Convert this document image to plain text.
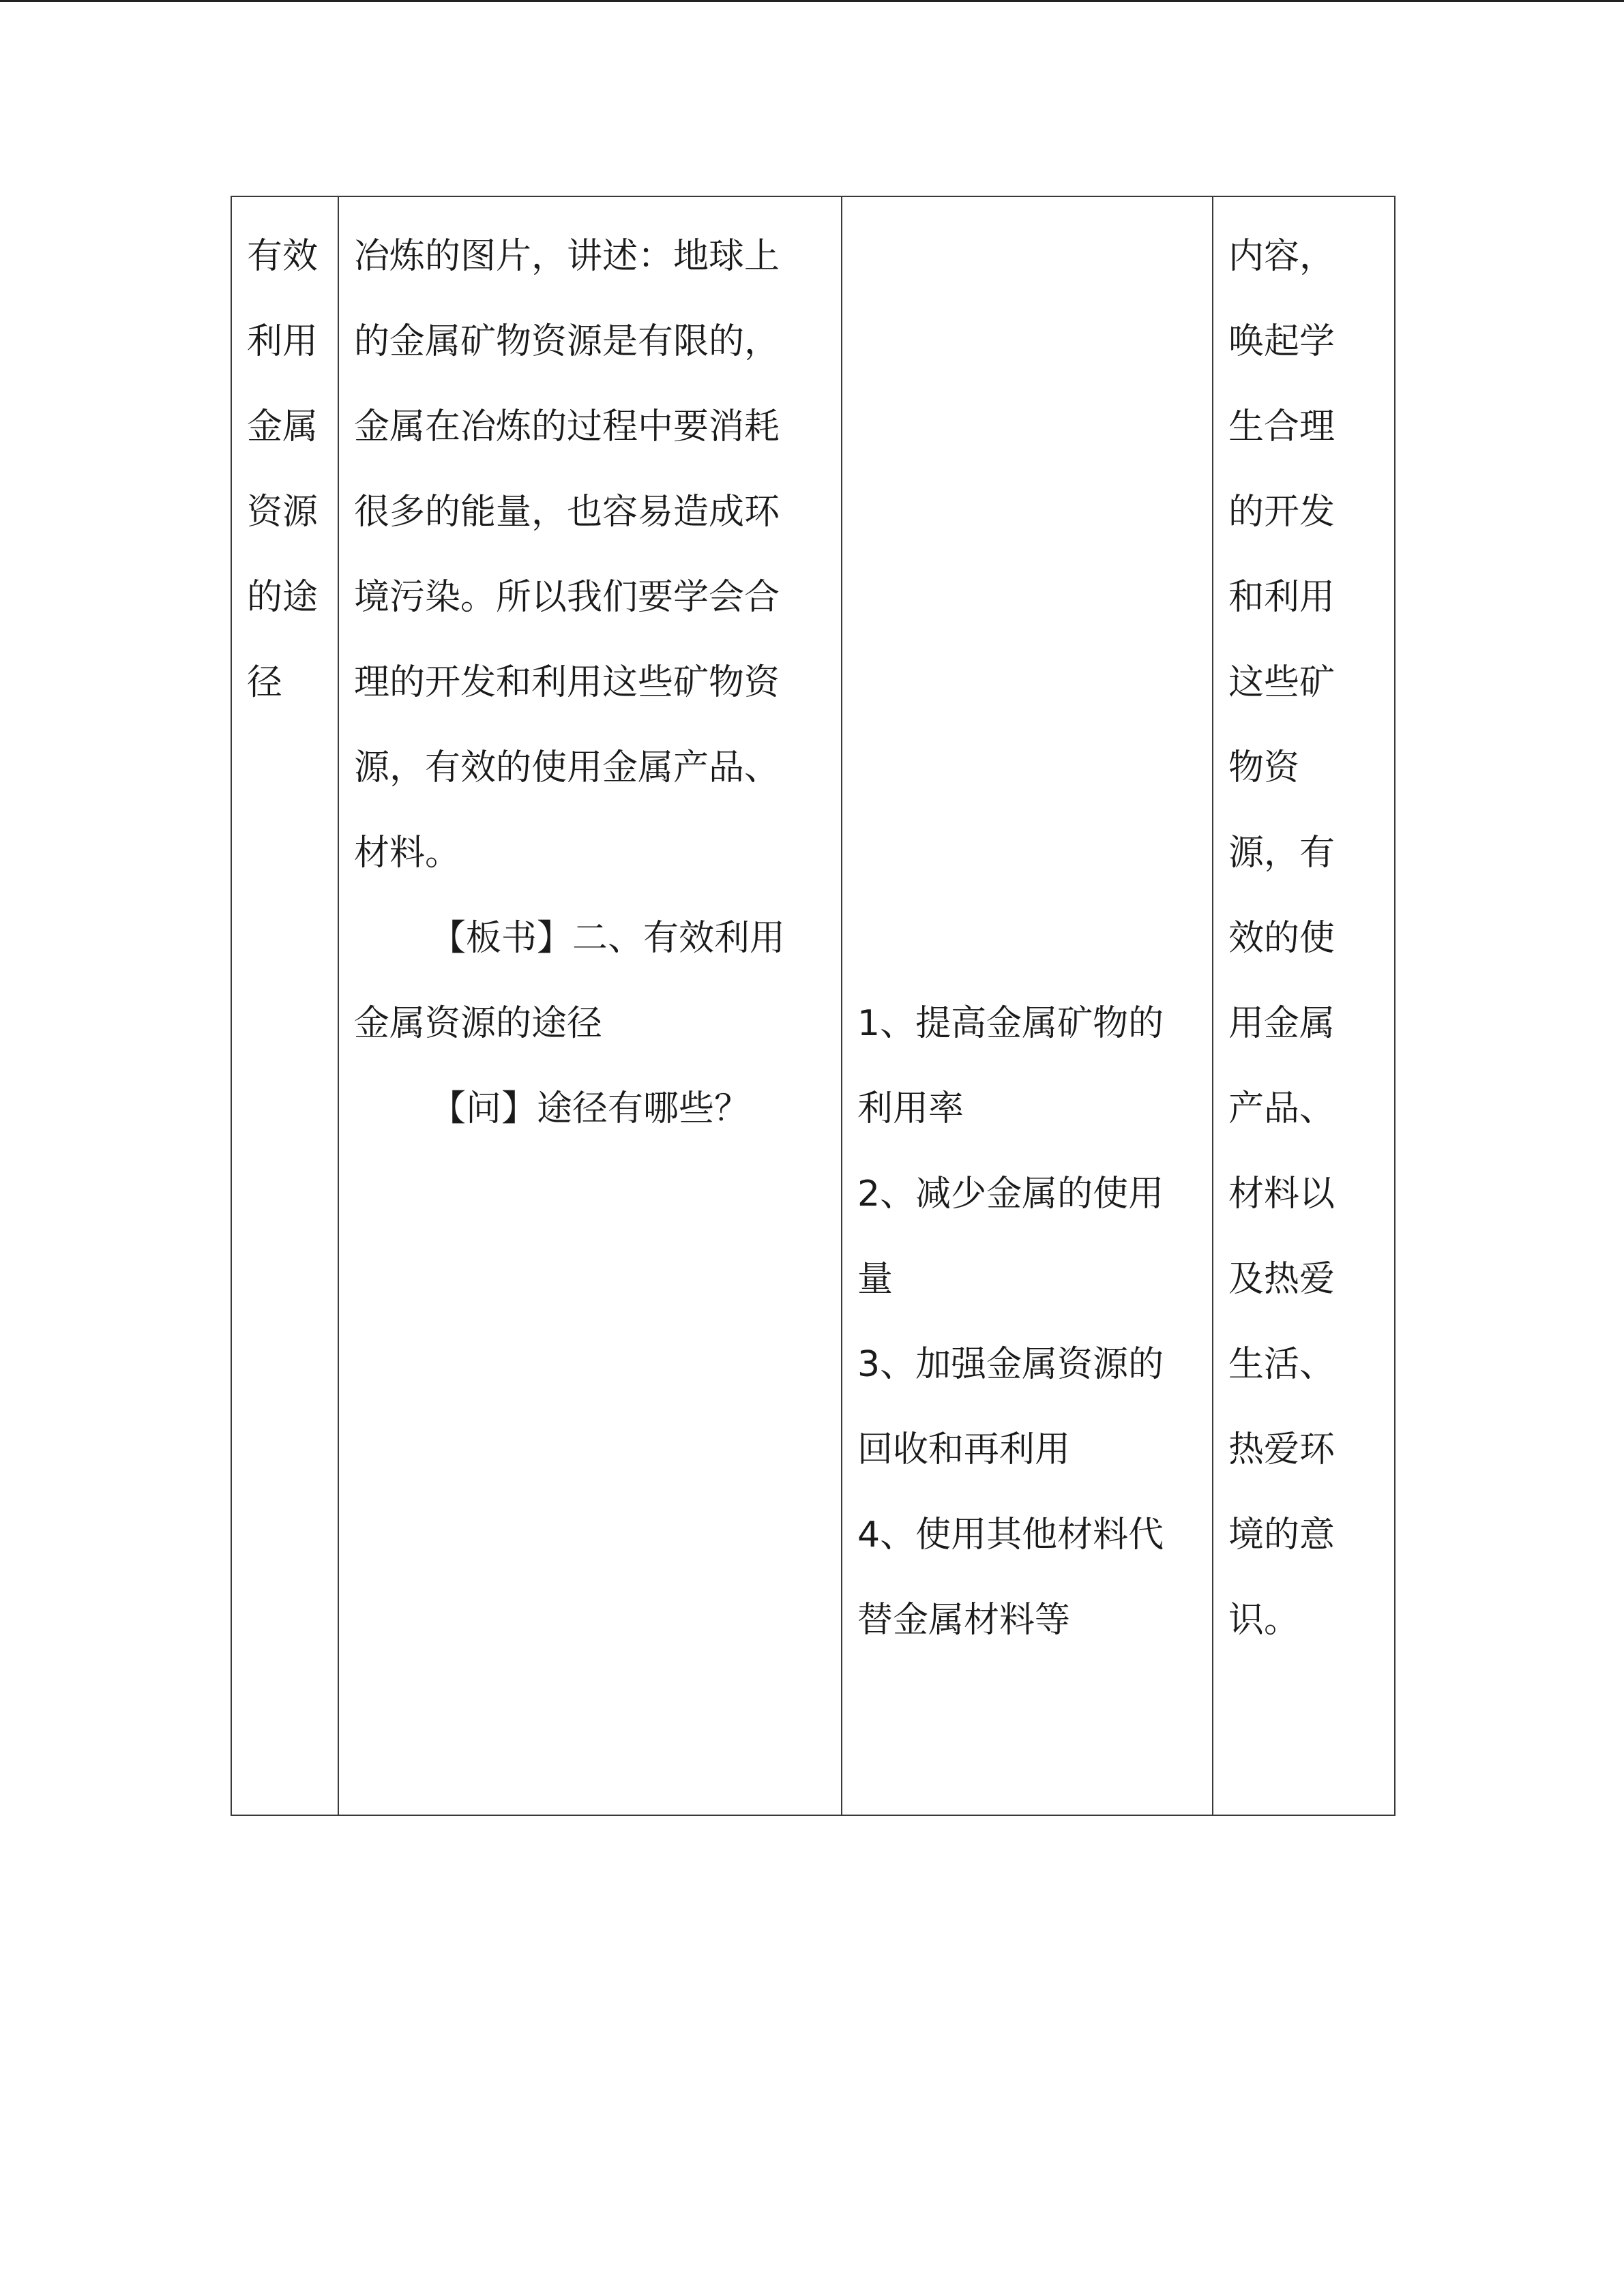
有效利用金属资源的途径

冶炼的图片，讲述：地球上
的金属矿物资源是有限的，
金属在冶炼的过程中要消耗
很多的能量，也容易造成环
境污染。所以我们要学会合
理的开发和利用这些矿物资
源，有效的使用金属产品、
材料。
【板书】二、有效利用
金属资源的途径
【问】途径有哪些？

1、提高金属矿物的
利用率
2、减少金属的使用
量
3、加强金属资源的
回收和再利用
4、使用其他材料代
替金属材料等

内容，
唤起学
生合理
的开发
和利用
这些矿
物资
源，有
效的使
用金属
产品、
材料以
及热爱
生活、
热爱环
境的意
识。
